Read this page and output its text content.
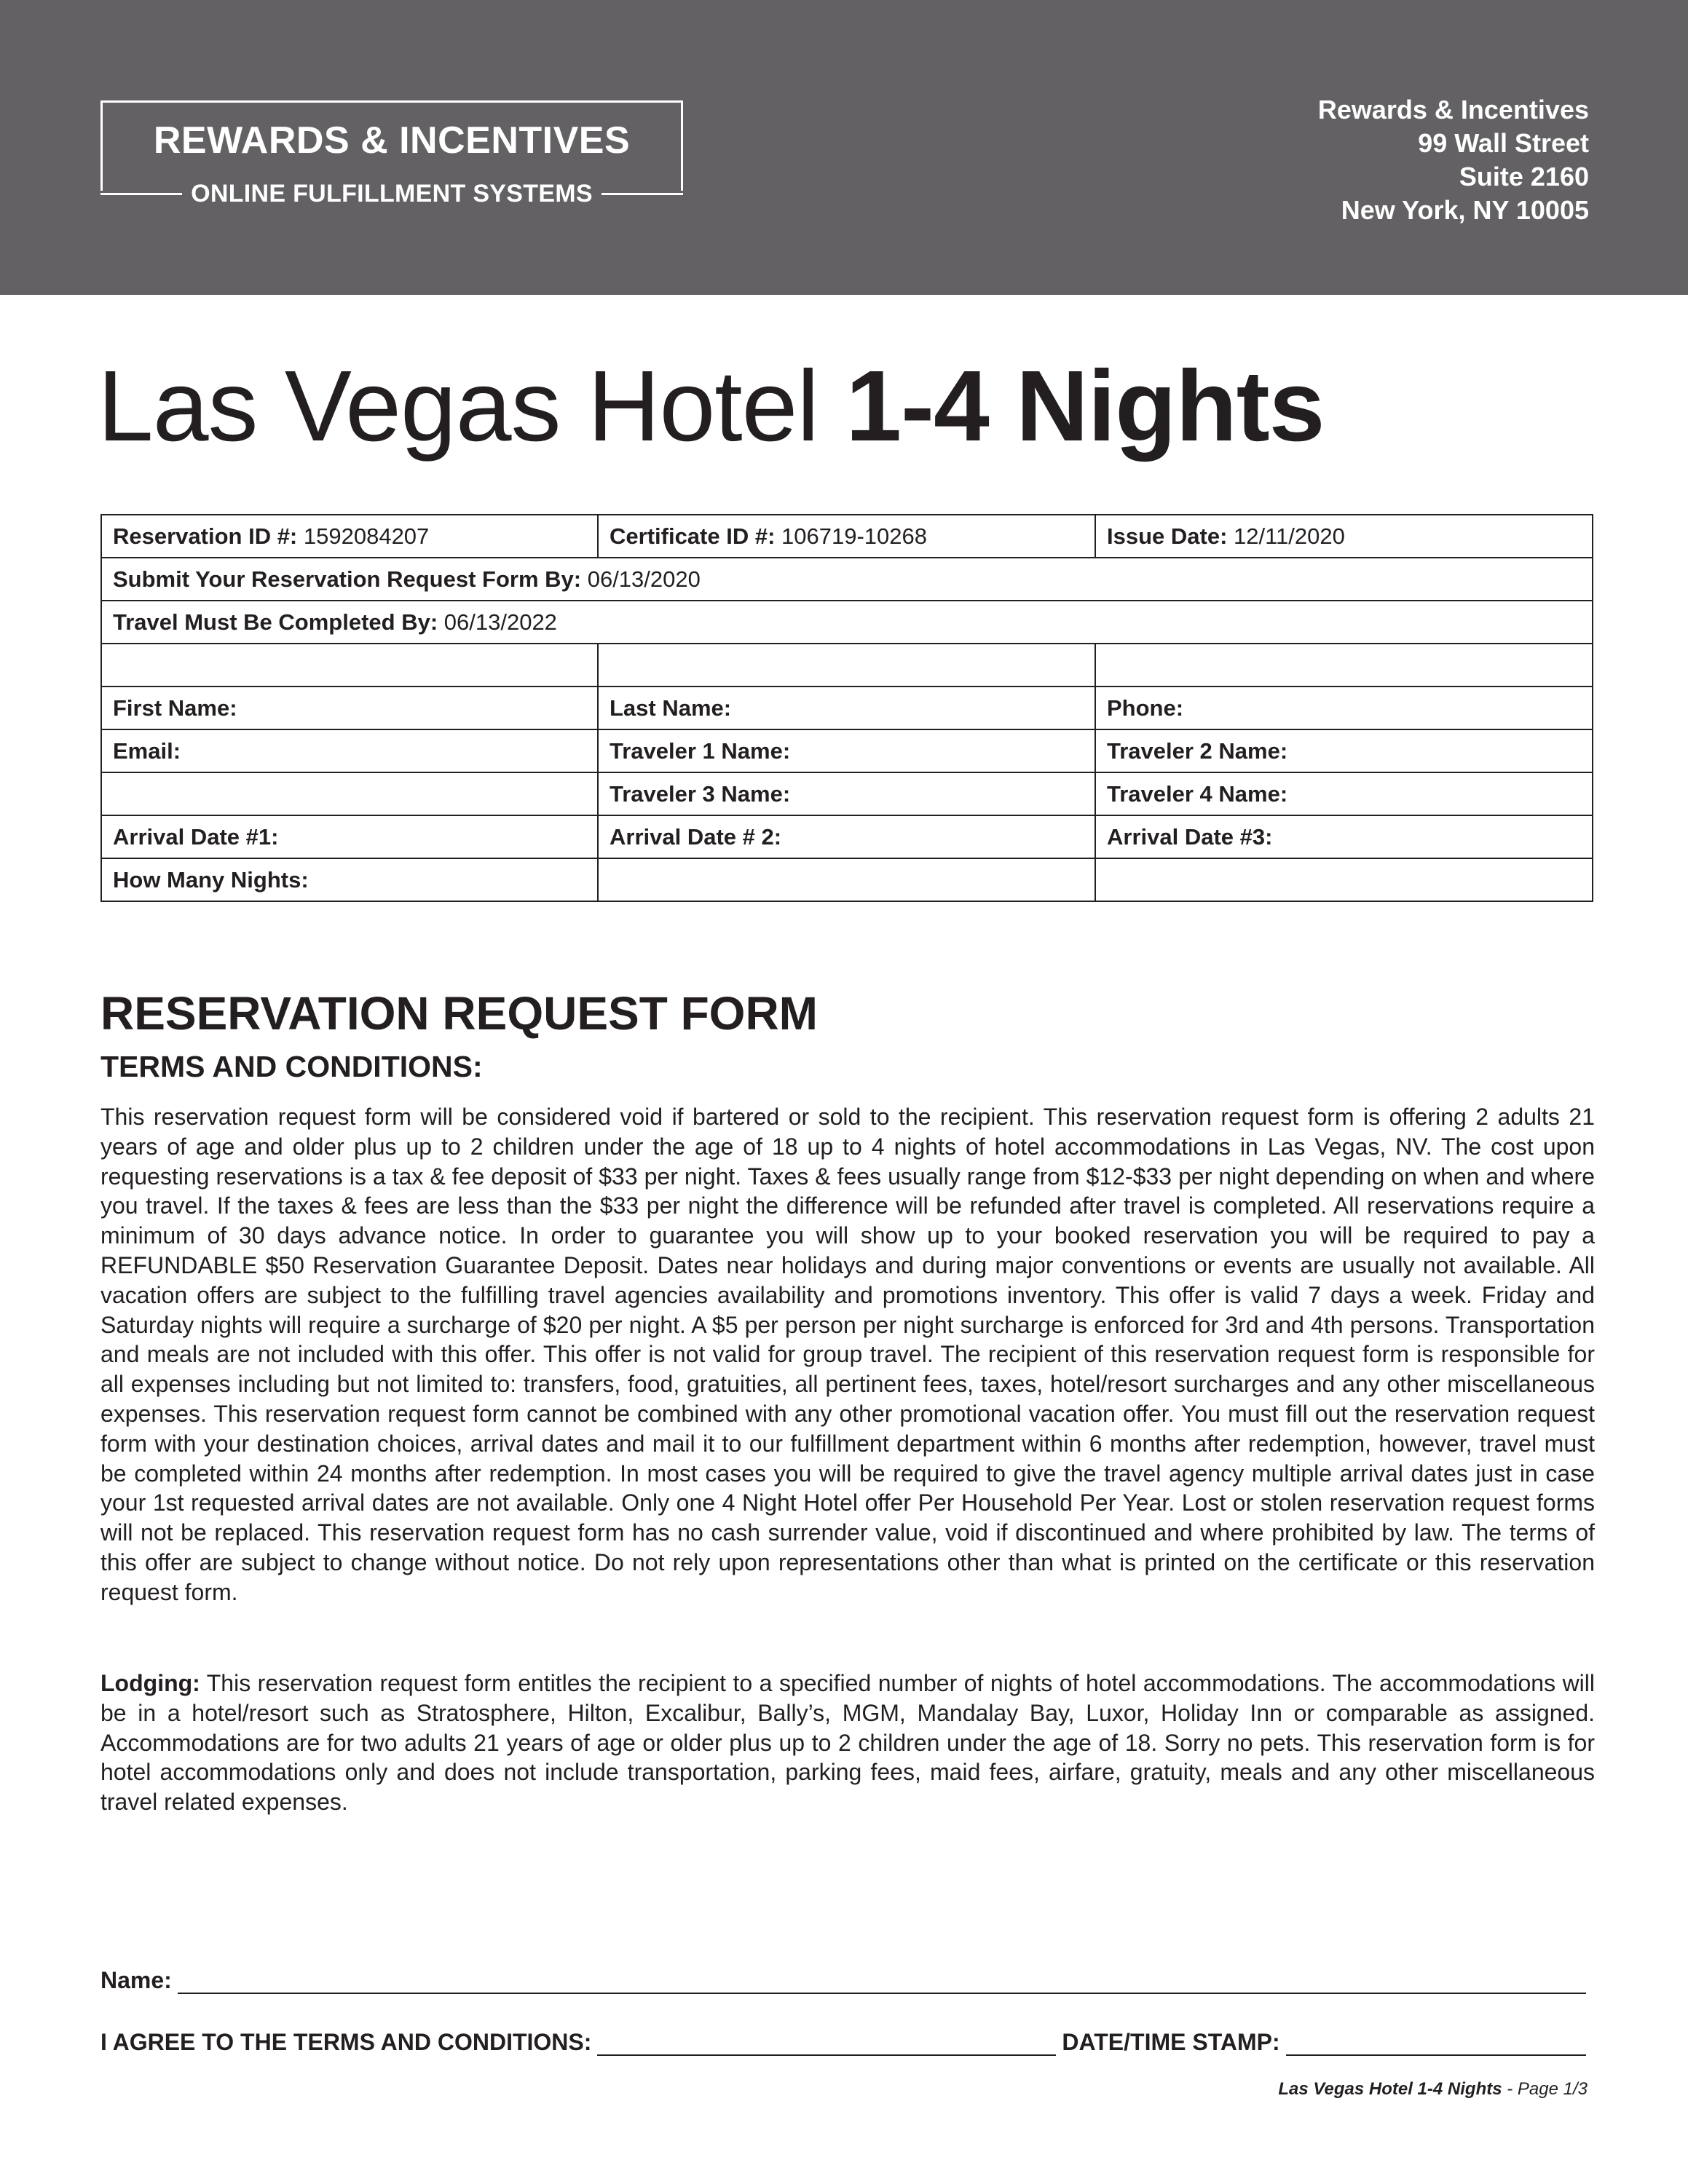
REWARDS & INCENTIVES
ONLINE FULFILLMENT SYSTEMS
Rewards & Incentives
99 Wall Street
Suite 2160
New York, NY 10005
Las Vegas Hotel 1-4 Nights
Reservation ID #: 1592084207	Certificate ID #: 106719-10268	Issue Date: 12/11/2020
Submit Your Reservation Request Form By: 06/13/2020		
Travel Must Be Completed By: 06/13/2022		

First Name:	Last Name:	Phone:
Email:	Traveler 1 Name:	Traveler 2 Name:
	Traveler 3 Name:	Traveler 4 Name:
Arrival Date #1:	Arrival Date # 2:	Arrival Date #3:
How Many Nights:		
RESERVATION REQUEST FORM
TERMS AND CONDITIONS:
This reservation request form will be considered void if bartered or sold to the recipient. This reservation request form is offering 2 adults 21 years of age and older plus up to 2 children under the age of 18 up to 4 nights of hotel accommodations in Las Vegas, NV. The cost upon requesting reservations is a tax & fee deposit of $33 per night. Taxes & fees usually range from $12-$33 per night depending on when and where you travel. If the taxes & fees are less than the $33 per night the difference will be refunded after travel is completed. All reservations require a minimum of 30 days advance notice. In order to guarantee you will show up to your booked reservation you will be required to pay a REFUNDABLE $50 Reservation Guarantee Deposit. Dates near holidays and during major conventions or events are usually not available. All vacation offers are subject to the fulfilling travel agencies availability and promotions inventory. This offer is valid 7 days a week. Friday and Saturday nights will require a surcharge of $20 per night. A $5 per person per night surcharge is enforced for 3rd and 4th persons. Transportation and meals are not included with this offer. This offer is not valid for group travel. The recipient of this reservation request form is responsible for all expenses including but not limited to: transfers, food, gratuities, all pertinent fees, taxes, hotel/resort surcharges and any other miscellaneous expenses. This reservation request form cannot be combined with any other promotional vacation offer. You must fill out the reservation request form with your destination choices, arrival dates and mail it to our fulfillment department within 6 months after redemption, however, travel must be completed within 24 months after redemption. In most cases you will be required to give the travel agency multiple arrival dates just in case your 1st requested arrival dates are not available. Only one 4 Night Hotel offer Per Household Per Year. Lost or stolen reservation request forms will not be replaced. This reservation request form has no cash surrender value, void if discontinued and where prohibited by law. The terms of this offer are subject to change without notice. Do not rely upon representations other than what is printed on the certificate or this reservation request form.
Lodging: This reservation request form entitles the recipient to a specified number of nights of hotel accommodations. The accommodations will be in a hotel/resort such as Stratosphere, Hilton, Excalibur, Bally’s, MGM, Mandalay Bay, Luxor, Holiday Inn or comparable as assigned. Accommodations are for two adults 21 years of age or older plus up to 2 children under the age of 18. Sorry no pets. This reservation form is for hotel accommodations only and does not include transportation, parking fees, maid fees, airfare, gratuity, meals and any other miscellaneous travel related expenses.
Name:
I AGREE TO THE TERMS AND CONDITIONS:	DATE/TIME STAMP:
Las Vegas Hotel 1-4 Nights - Page 1/3
